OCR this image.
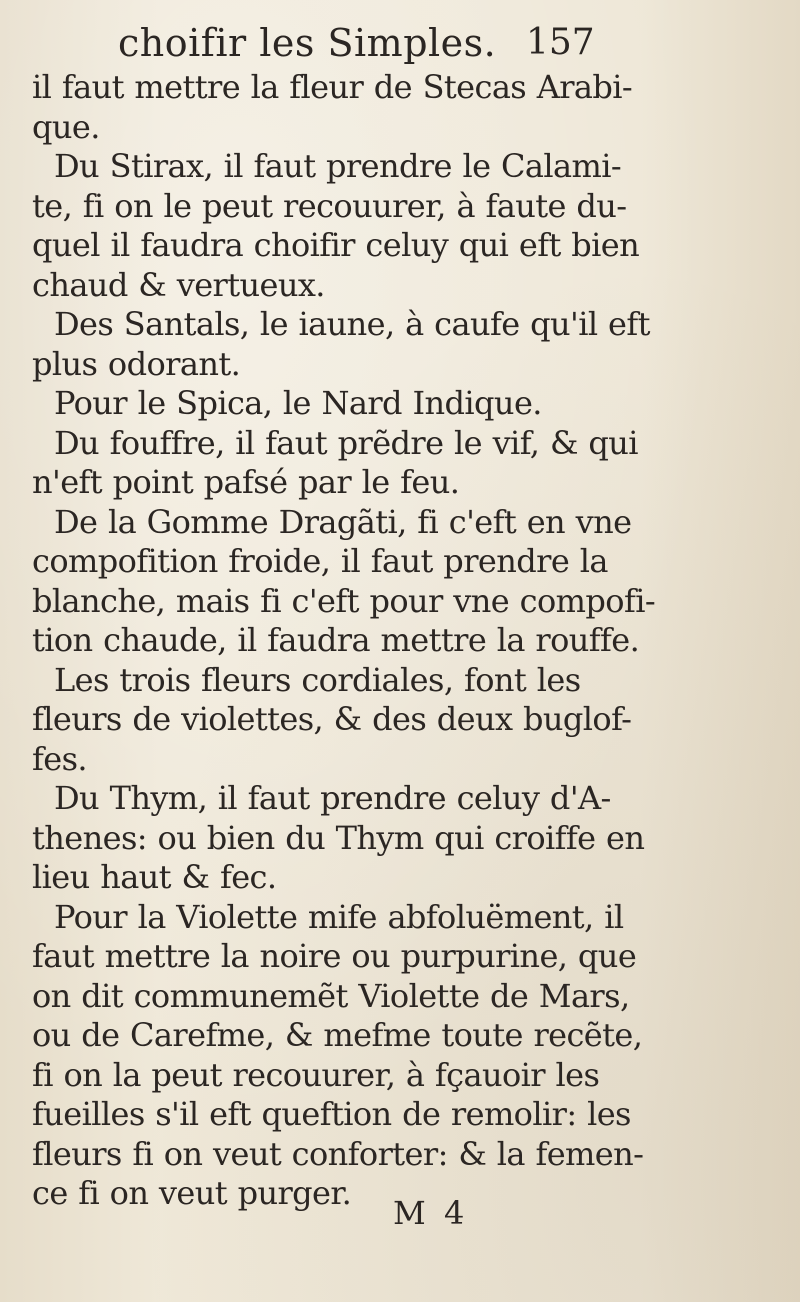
choifir les Simples. 157
il faut mettre la fleur de Stecas Arabi-
que.
Du Stirax, il faut prendre le Calami-
te, fi on le peut recouurer, à faute du-
quel il faudra choifir celuy qui eft bien
chaud & vertueux.
Des Santals, le iaune, à caufe qu'il eft
plus odorant.
Pour le Spica, le Nard Indique.
Du fouffre, il faut prẽdre le vif, & qui
n'eft point pafsé par le feu.
De la Gomme Dragãti, fi c'eft en vne
compofition froide, il faut prendre la
blanche, mais fi c'eft pour vne compofi-
tion chaude, il faudra mettre la rouffe.
Les trois fleurs cordiales, font les
fleurs de violettes, & des deux buglof-
fes.
Du Thym, il faut prendre celuy d'A-
thenes: ou bien du Thym qui croiffe en
lieu haut & fec.
Pour la Violette mife abfoluëment, il
faut mettre la noire ou purpurine, que
on dit communemẽt Violette de Mars,
ou de Carefme, & mefme toute recẽte,
fi on la peut recouurer, à fçauoir les
fueilles s'il eft queftion de remolir: les
fleurs fi on veut conforter: & la femen-
ce fi on veut purger.
M 4
